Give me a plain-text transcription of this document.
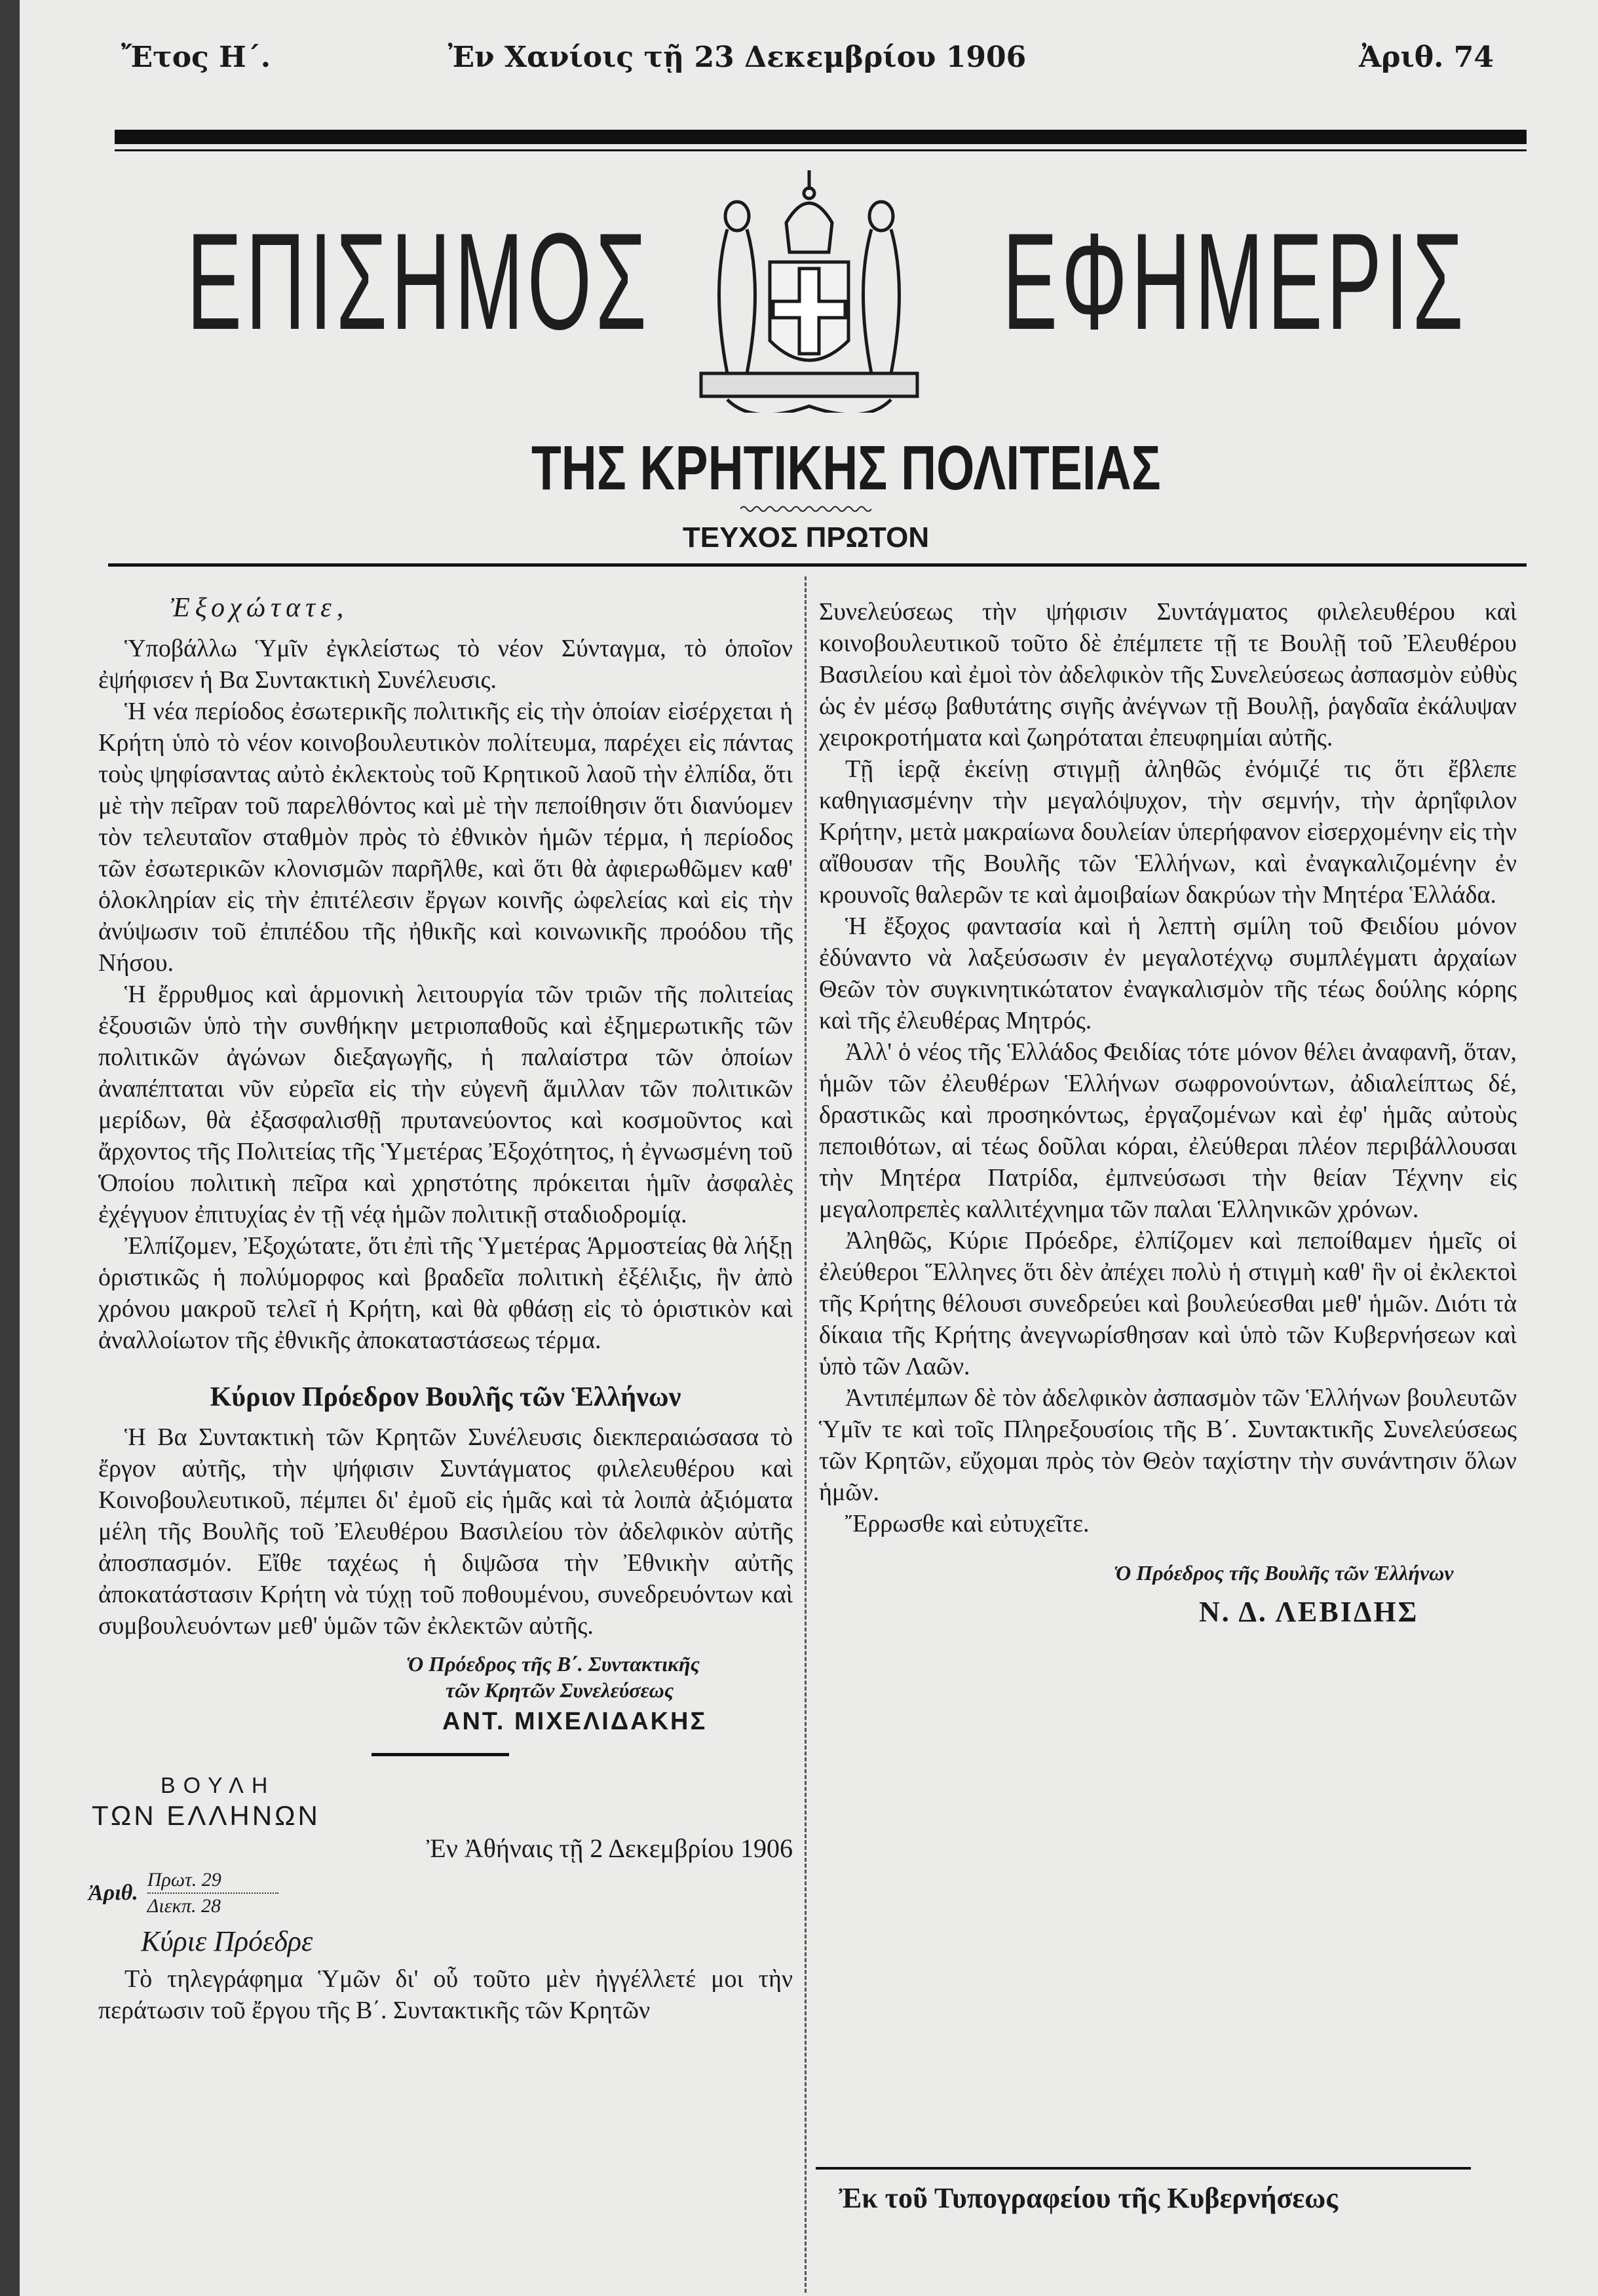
Ἔτος Η΄.	Ἐν Χανίοις τῇ 23 Δεκεμβρίου 1906	Ἀριθ. 74
ΕΠΙΣΗΜΟΣ	ΕΦΗΜΕΡΙΣ
ΤΗΣ ΚΡΗΤΙΚΗΣ ΠΟΛΙΤΕΙΑΣ
ΤΕΥΧΟΣ ΠΡΩΤΟΝ
Ἐξοχώτατε,

Ὑποβάλλω Ὑμῖν ἐγκλείστως τὸ νέον Σύνταγμα, τὸ ὁποῖον ἐψήφισεν ἡ Βα Συντακτικὴ Συνέλευσις.

Ἡ νέα περίοδος ἐσωτερικῆς πολιτικῆς εἰς τὴν ὁποίαν εἰσέρχεται ἡ Κρήτη ὑπὸ τὸ νέον κοινοβουλευτικὸν πολίτευμα, παρέχει εἰς πάντας τοὺς ψηφίσαντας αὐτὸ ἐκλεκτοὺς τοῦ Κρητικοῦ λαοῦ τὴν ἐλπίδα, ὅτι μὲ τὴν πεῖραν τοῦ παρελθόντος καὶ μὲ τὴν πεποίθησιν ὅτι διανύομεν τὸν τελευταῖον σταθμὸν πρὸς τὸ ἐθνικὸν ἡμῶν τέρμα, ἡ περίοδος τῶν ἐσωτερικῶν κλονισμῶν παρῆλθε, καὶ ὅτι θὰ ἀφιερωθῶμεν καθ' ὁλοκληρίαν εἰς τὴν ἐπιτέλεσιν ἔργων κοινῆς ὠφελείας καὶ εἰς τὴν ἀνύψωσιν τοῦ ἐπιπέδου τῆς ἠθικῆς καὶ κοινωνικῆς προόδου τῆς Νήσου.

Ἡ ἔρρυθμος καὶ ἁρμονικὴ λειτουργία τῶν τριῶν τῆς πολιτείας ἐξουσιῶν ὑπὸ τὴν συνθήκην μετριοπαθοῦς καὶ ἐξημερωτικῆς τῶν πολιτικῶν ἀγώνων διεξαγωγῆς, ἡ παλαίστρα τῶν ὁποίων ἀναπέπταται νῦν εὐρεῖα εἰς τὴν εὐγενῆ ἅμιλλαν τῶν πολιτικῶν μερίδων, θὰ ἐξασφαλισθῇ πρυτανεύοντος καὶ κοσμοῦντος καὶ ἄρχοντος τῆς Πολιτείας τῆς Ὑμετέρας Ἐξοχότητος, ἡ ἐγνωσμένη τοῦ Ὁποίου πολιτικὴ πεῖρα καὶ χρηστότης πρόκειται ἡμῖν ἀσφαλὲς ἐχέγγυον ἐπιτυχίας ἐν τῇ νέᾳ ἡμῶν πολιτικῇ σταδιοδρομίᾳ.

Ἐλπίζομεν, Ἐξοχώτατε, ὅτι ἐπὶ τῆς Ὑμετέρας Ἁρμοστείας θὰ λήξῃ ὁριστικῶς ἡ πολύμορφος καὶ βραδεῖα πολιτικὴ ἐξέλιξις, ἣν ἀπὸ χρόνου μακροῦ τελεῖ ἡ Κρήτη, καὶ θὰ φθάσῃ εἰς τὸ ὁριστικὸν καὶ ἀναλλοίωτον τῆς ἐθνικῆς ἀποκαταστάσεως τέρμα.

Κύριον Πρόεδρον Βουλῆς τῶν Ἑλλήνων

Ἡ Βα Συντακτικὴ τῶν Κρητῶν Συνέλευσις διεκπεραιώσασα τὸ ἔργον αὐτῆς, τὴν ψήφισιν Συντάγματος φιλελευθέρου καὶ Κοινοβουλευτικοῦ, πέμπει δι' ἐμοῦ εἰς ἡμᾶς καὶ τὰ λοιπὰ ἀξιόματα μέλη τῆς Βουλῆς τοῦ Ἐλευθέρου Βασιλείου τὸν ἀδελφικὸν αὐτῆς ἀποσπασμόν. Εἴθε ταχέως ἡ διψῶσα τὴν Ἐθνικὴν αὐτῆς ἀποκατάστασιν Κρήτη νὰ τύχῃ τοῦ ποθουμένου, συνεδρευόντων καὶ συμβουλευόντων μεθ' ὑμῶν τῶν ἐκλεκτῶν αὐτῆς.

Ὁ Πρόεδρος τῆς Β΄. Συντακτικῆς
τῶν Κρητῶν Συνελεύσεως
ΑΝΤ. ΜΙΧΕΛΙΔΑΚΗΣ
ΒΟΥΛΗ
ΤΩΝ ΕΛΛΗΝΩΝ
Ἐν Ἀθήναις τῇ 2 Δεκεμβρίου 1906
Ἀριθ.
Πρωτ. 29
Διεκπ. 28
Κύριε Πρόεδρε

Τὸ τηλεγράφημα Ὑμῶν δι' οὗ τοῦτο μὲν ἠγγέλλετέ μοι τὴν περάτωσιν τοῦ ἔργου τῆς Β΄. Συντακτικῆς τῶν Κρητῶν

Συνελεύσεως τὴν ψήφισιν Συντάγματος φιλελευθέρου καὶ κοινοβουλευτικοῦ τοῦτο δὲ ἐπέμπετε τῇ τε Βουλῇ τοῦ Ἐλευθέρου Βασιλείου καὶ ἐμοὶ τὸν ἀδελφικὸν τῆς Συνελεύσεως ἀσπασμὸν εὐθὺς ὡς ἐν μέσῳ βαθυτάτης σιγῆς ἀνέγνων τῇ Βουλῇ, ῥαγδαῖα ἐκάλυψαν χειροκροτήματα καὶ ζωηρόταται ἐπευφημίαι αὐτῆς.

Τῇ ἱερᾷ ἐκείνῃ στιγμῇ ἀληθῶς ἐνόμιζέ τις ὅτι ἔβλεπε καθηγιασμένην τὴν μεγαλόψυχον, τὴν σεμνήν, τὴν ἀρηΐφιλον Κρήτην, μετὰ μακραίωνα δουλείαν ὑπερήφανον εἰσερχομένην εἰς τὴν αἴθουσαν τῆς Βουλῆς τῶν Ἑλλήνων, καὶ ἐναγκαλιζομένην ἐν κρουνοῖς θαλερῶν τε καὶ ἀμοιβαίων δακρύων τὴν Μητέρα Ἑλλάδα.

Ἡ ἔξοχος φαντασία καὶ ἡ λεπτὴ σμίλη τοῦ Φειδίου μόνον ἐδύναντο νὰ λαξεύσωσιν ἐν μεγαλοτέχνῳ συμπλέγματι ἀρχαίων Θεῶν τὸν συγκινητικώτατον ἐναγκαλισμὸν τῆς τέως δούλης κόρης καὶ τῆς ἐλευθέρας Μητρός.

Ἀλλ' ὁ νέος τῆς Ἑλλάδος Φειδίας τότε μόνον θέλει ἀναφανῆ, ὅταν, ἡμῶν τῶν ἐλευθέρων Ἑλλήνων σωφρονούντων, ἀδιαλείπτως δέ, δραστικῶς καὶ προσηκόντως, ἐργαζομένων καὶ ἐφ' ἡμᾶς αὐτοὺς πεποιθότων, αἱ τέως δοῦλαι κόραι, ἐλεύθεραι πλέον περιβάλλουσαι τὴν Μητέρα Πατρίδα, ἐμπνεύσωσι τὴν θείαν Τέχνην εἰς μεγαλοπρεπὲς καλλιτέχνημα τῶν παλαι Ἑλληνικῶν χρόνων.

Ἀληθῶς, Κύριε Πρόεδρε, ἐλπίζομεν καὶ πεποίθαμεν ἡμεῖς οἱ ἐλεύθεροι Ἕλληνες ὅτι δὲν ἀπέχει πολὺ ἡ στιγμὴ καθ' ἣν οἱ ἐκλεκτοὶ τῆς Κρήτης θέλουσι συνεδρεύει καὶ βουλεύεσθαι μεθ' ἡμῶν. Διότι τὰ δίκαια τῆς Κρήτης ἀνεγνωρίσθησαν καὶ ὑπὸ τῶν Κυβερνήσεων καὶ ὑπὸ τῶν Λαῶν.

Ἀντιπέμπων δὲ τὸν ἀδελφικὸν ἀσπασμὸν τῶν Ἑλλήνων βουλευτῶν Ὑμῖν τε καὶ τοῖς Πληρεξουσίοις τῆς Β΄. Συντακτικῆς Συνελεύσεως τῶν Κρητῶν, εὔχομαι πρὸς τὸν Θεὸν ταχίστην τὴν συνάντησιν ὅλων ἡμῶν.

Ἔρρωσθε καὶ εὐτυχεῖτε.

Ὁ Πρόεδρος τῆς Βουλῆς τῶν Ἑλλήνων
Ν. Δ. ΛΕΒΙΔΗΣ
Ἐκ τοῦ Τυπογραφείου τῆς Κυβερνήσεως
